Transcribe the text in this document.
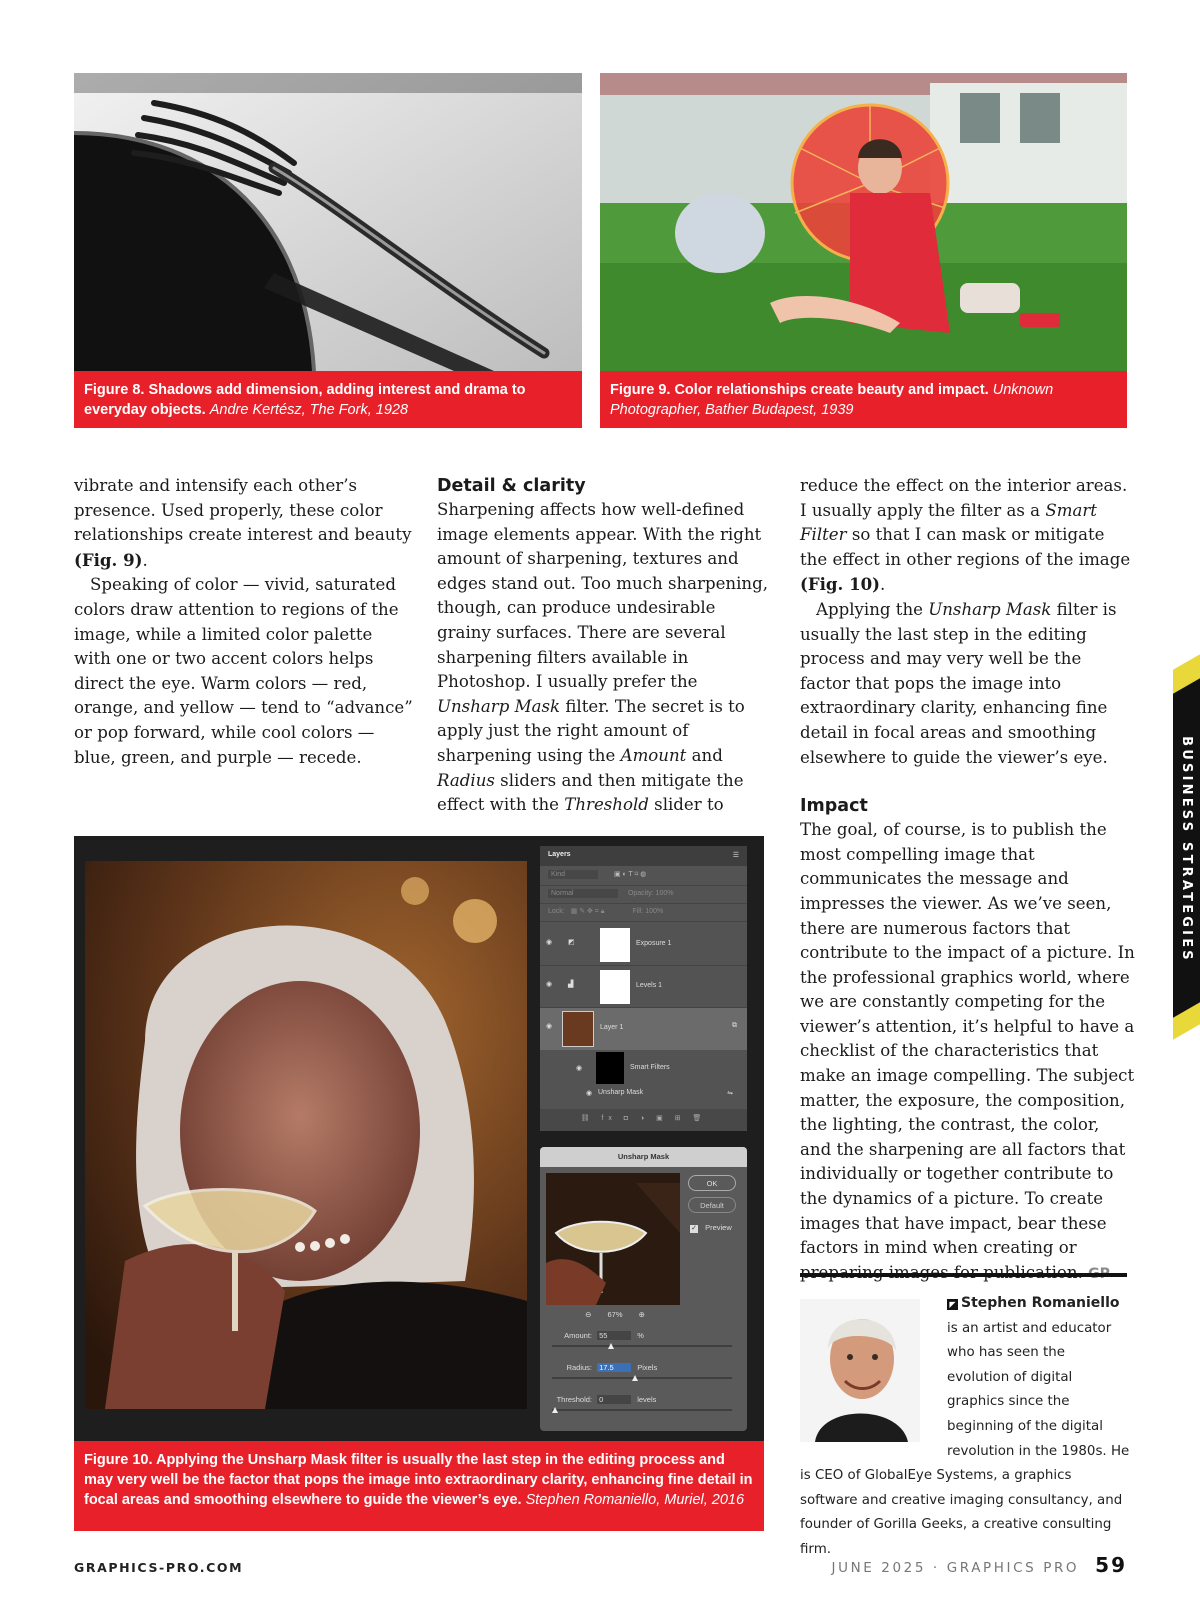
Figure 8. Shadows add dimension, adding interest and drama to everyday objects. Andre Kertész, The Fork, 1928
Figure 9. Color relationships create beauty and impact. Unknown Photographer, Bather Budapest, 1939

vibrate and intensify each other’s presence. Used properly, these color relationships create interest and beauty (Fig. 9).

Speaking of color — vivid, saturated colors draw attention to regions of the image, while a limited color palette with one or two accent colors helps direct the eye. Warm colors — red, orange, and yellow — tend to “advance” or pop forward, while cool colors — blue, green, and purple — recede.

Detail & clarity

Sharpening affects how well-defined image elements appear. With the right amount of sharpening, textures and edges stand out. Too much sharpening, though, can produce undesirable grainy surfaces. There are several sharpening filters available in Photoshop. I usually prefer the Unsharp Mask filter. The secret is to apply just the right amount of sharpening using the Amount and Radius sliders and then mitigate the effect with the Threshold slider to

reduce the effect on the interior areas. I usually apply the filter as a Smart Filter so that I can mask or mitigate the effect in other regions of the image (Fig. 10).

Applying the Unsharp Mask filter is usually the last step in the editing process and may very well be the factor that pops the image into extraordinary clarity, enhancing fine detail in focal areas and smoothing elsewhere to guide the viewer’s eye.

Impact

The goal, of course, is to publish the most compelling image that communicates the message and impresses the viewer. As we’ve seen, there are numerous factors that contribute to the impact of a picture. In the professional graphics world, where we are constantly competing for the viewer’s attention, it’s helpful to have a checklist of the characteristics that make an image compelling. The subject matter, the exposure, the composition, the lighting, the contrast, the color, and the sharpening are all factors that individually or together contribute to the dynamics of a picture. To create images that have impact, bear these factors in mind when creating or

Layers	☰
Kind	▣ ◐ T ⌑ ◍
Normal	Opacity: 100%
Lock: ▦ ✎ ✥ ⌗ 🔒︎	Fill: 100%
◉ ◩	Exposure 1
◉ ▟	Levels 1
◉	Layer 1	⧉
◉	Smart Filters
◉ Unsharp Mask	⇋
⛓ fx ◘ ◑ ▣ ⊞ 🗑︎
Unsharp Mask
OK
Default
✓ Preview
⊖ 67% ⊕
Amount: 55	%
Radius: 17.5	Pixels
Threshold: 0	levels
Figure 10. Applying the Unsharp Mask filter is usually the last step in the editing process and may very well be the factor that pops the image into extraordinary clarity, enhancing fine detail in focal areas and smoothing elsewhere to guide the viewer’s eye. Stephen Romaniello, Muriel, 2016
BUSINESS STRATEGIES
◤ Stephen Romaniello is an artist and educator who has seen the evolution of digital graphics since the beginning of the digital revolution in the 1980s. He is CEO of GlobalEye Systems, a graphics software and creative imaging consultancy, and founder of Gorilla Geeks, a creative consulting firm.
GRAPHICS-PRO.COM	JUNE 2025 · GRAPHICS PRO 59
